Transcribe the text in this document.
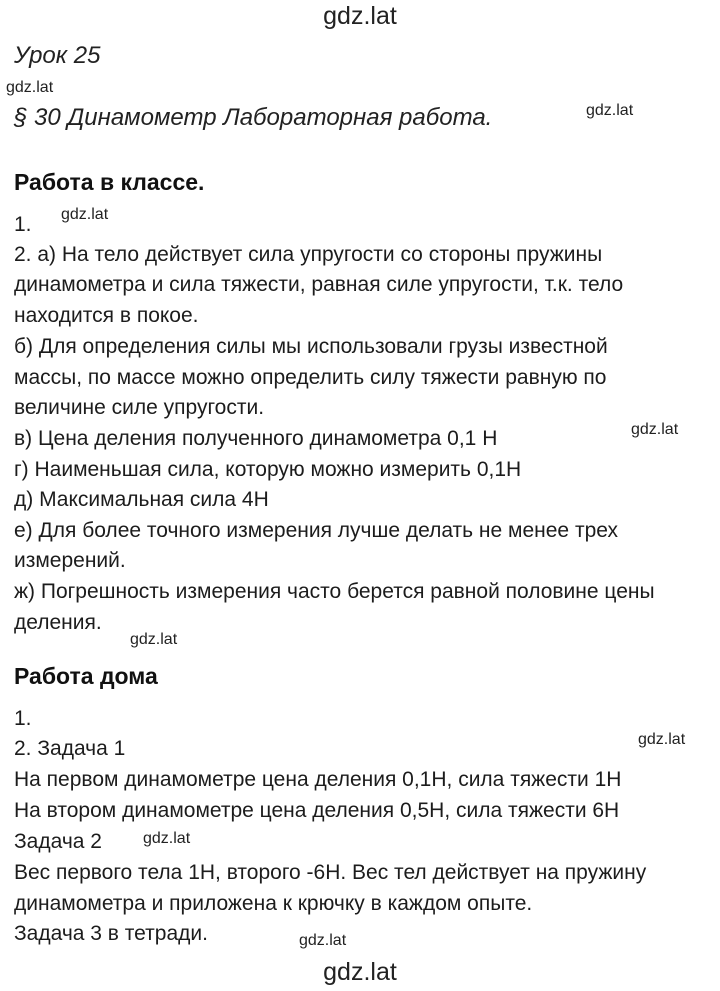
gdz.lat
Урок 25
gdz.lat
§ 30 Динамометр Лабораторная работа.	gdz.lat
Работа в классе.
1. gdz.lat
2. а) На тело действует сила упругости со стороны пружины
динамометра и сила тяжести, равная силе упругости, т.к. тело
находится в покое.
б) Для определения силы мы использовали грузы известной
массы, по массе можно определить силу тяжести равную по
величине силе упругости.
в) Цена деления полученного динамометра 0,1 Н	gdz.lat
г) Наименьшая сила, которую можно измерить 0,1Н
д) Максимальная сила 4Н
е) Для более точного измерения лучше делать не менее трех
измерений.
ж) Погрешность измерения часто берется равной половине цены
деления.
gdz.lat
Работа дома
1.
2. Задача 1	gdz.lat
На первом динамометре цена деления 0,1Н, сила тяжести 1Н
На втором динамометре цена деления 0,5Н, сила тяжести 6Н
Задача 2	gdz.lat
Вес первого тела 1Н, второго -6Н. Вес тел действует на пружину
динамометра и приложена к крючку в каждом опыте.
Задача 3 в тетради.	gdz.lat
gdz.lat
